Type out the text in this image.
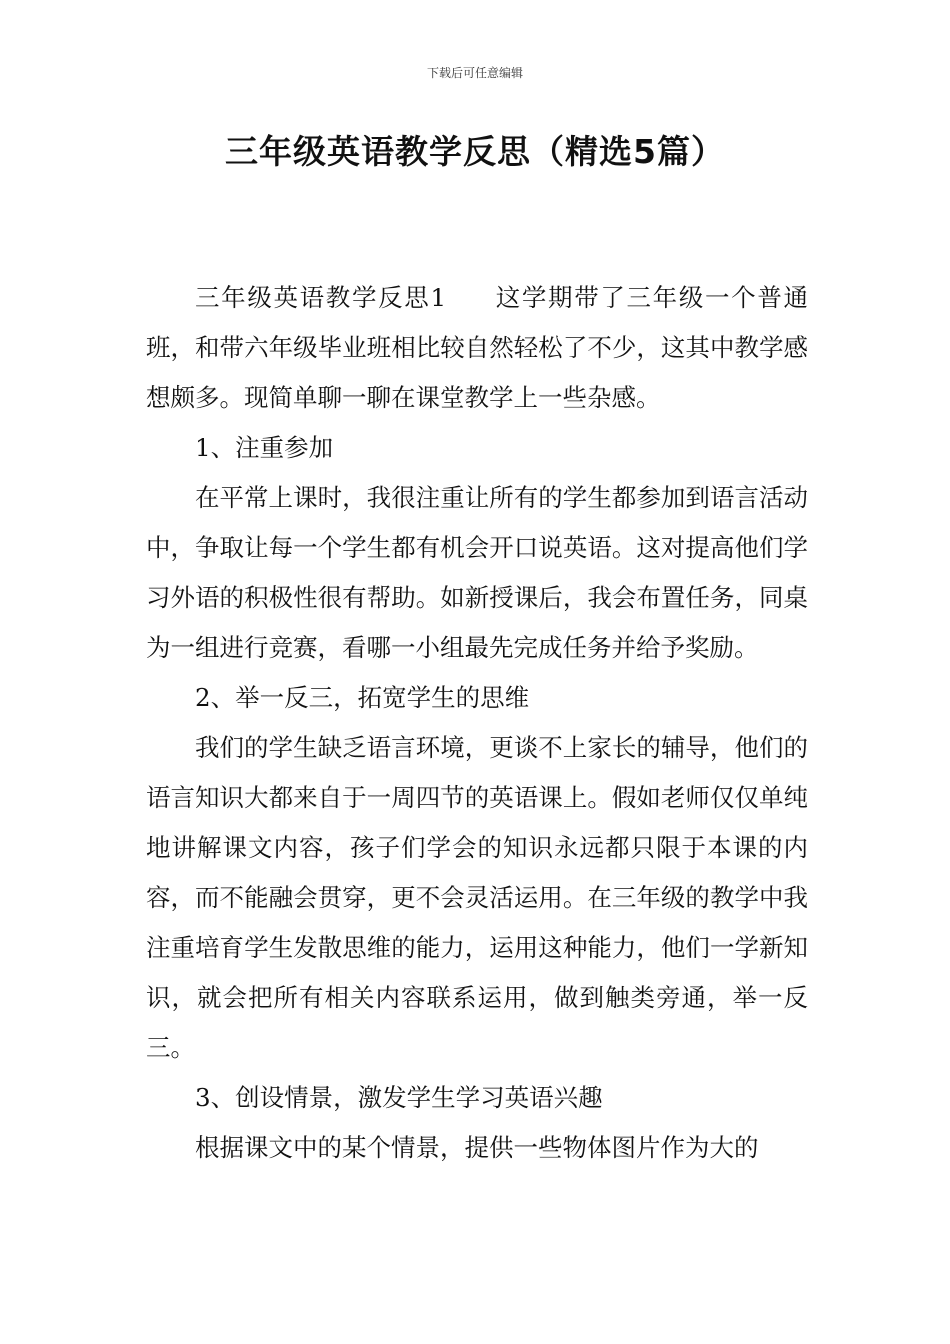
下载后可任意编辑
三年级英语教学反思（精选5篇）

三年级英语教学反思1 这学期带了三年级一个普通班，和带六年级毕业班相比较自然轻松了不少，这其中教学感想颇多。现简单聊一聊在课堂教学上一些杂感。

1、注重参加

在平常上课时，我很注重让所有的学生都参加到语言活动中，争取让每一个学生都有机会开口说英语。这对提高他们学习外语的积极性很有帮助。如新授课后，我会布置任务，同桌为一组进行竞赛，看哪一小组最先完成任务并给予奖励。

2、举一反三，拓宽学生的思维

我们的学生缺乏语言环境，更谈不上家长的辅导，他们的语言知识大都来自于一周四节的英语课上。假如老师仅仅单纯地讲解课文内容，孩子们学会的知识永远都只限于本课的内容，而不能融会贯穿，更不会灵活运用。在三年级的教学中我注重培育学生发散思维的能力，运用这种能力，他们一学新知识，就会把所有相关内容联系运用，做到触类旁通，举一反三。

3、创设情景，激发学生学习英语兴趣

根据课文中的某个情景，提供一些物体图片作为大的
